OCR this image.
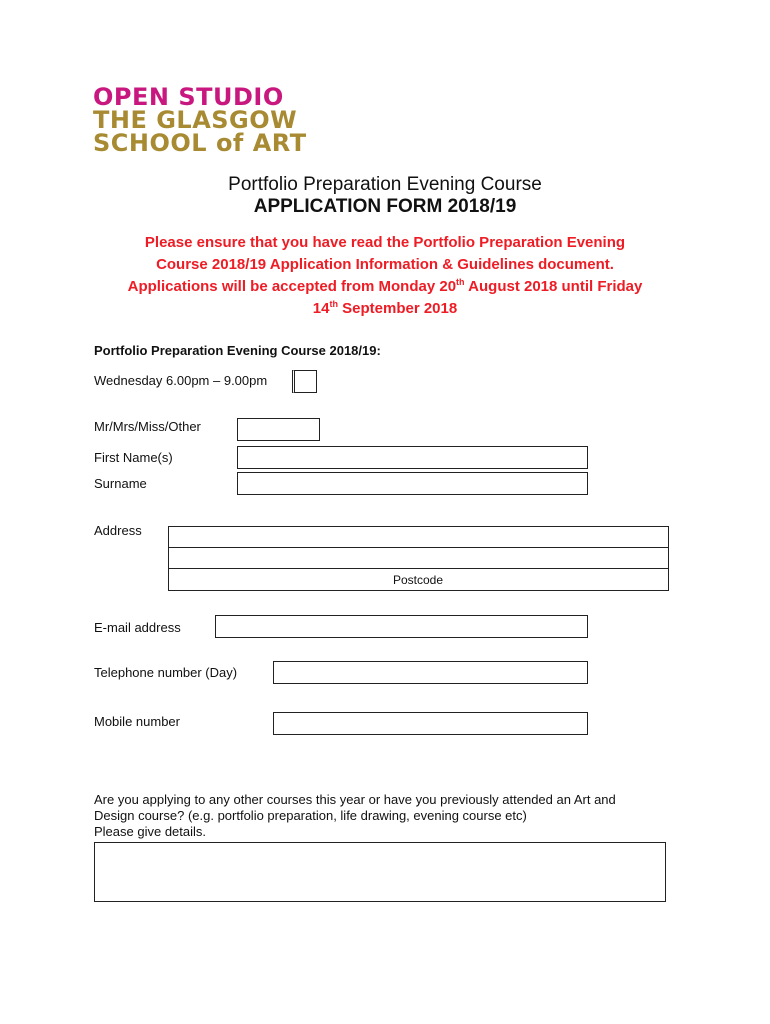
OPEN STUDIO
THE GLASGOW
SCHOOL of ART
Portfolio Preparation Evening Course
APPLICATION FORM 2018/19
Please ensure that you have read the Portfolio Preparation Evening
Course 2018/19 Application Information & Guidelines document.
Applications will be accepted from Monday 20th August 2018 until Friday
14th September 2018
Portfolio Preparation Evening Course 2018/19:
Wednesday 6.00pm – 9.00pm
Mr/Mrs/Miss/Other
First Name(s)
Surname
Address
Postcode
E-mail address
Telephone number (Day)
Mobile number
Are you applying to any other courses this year or have you previously attended an Art and
Design course? (e.g. portfolio preparation, life drawing, evening course etc)
Please give details.
